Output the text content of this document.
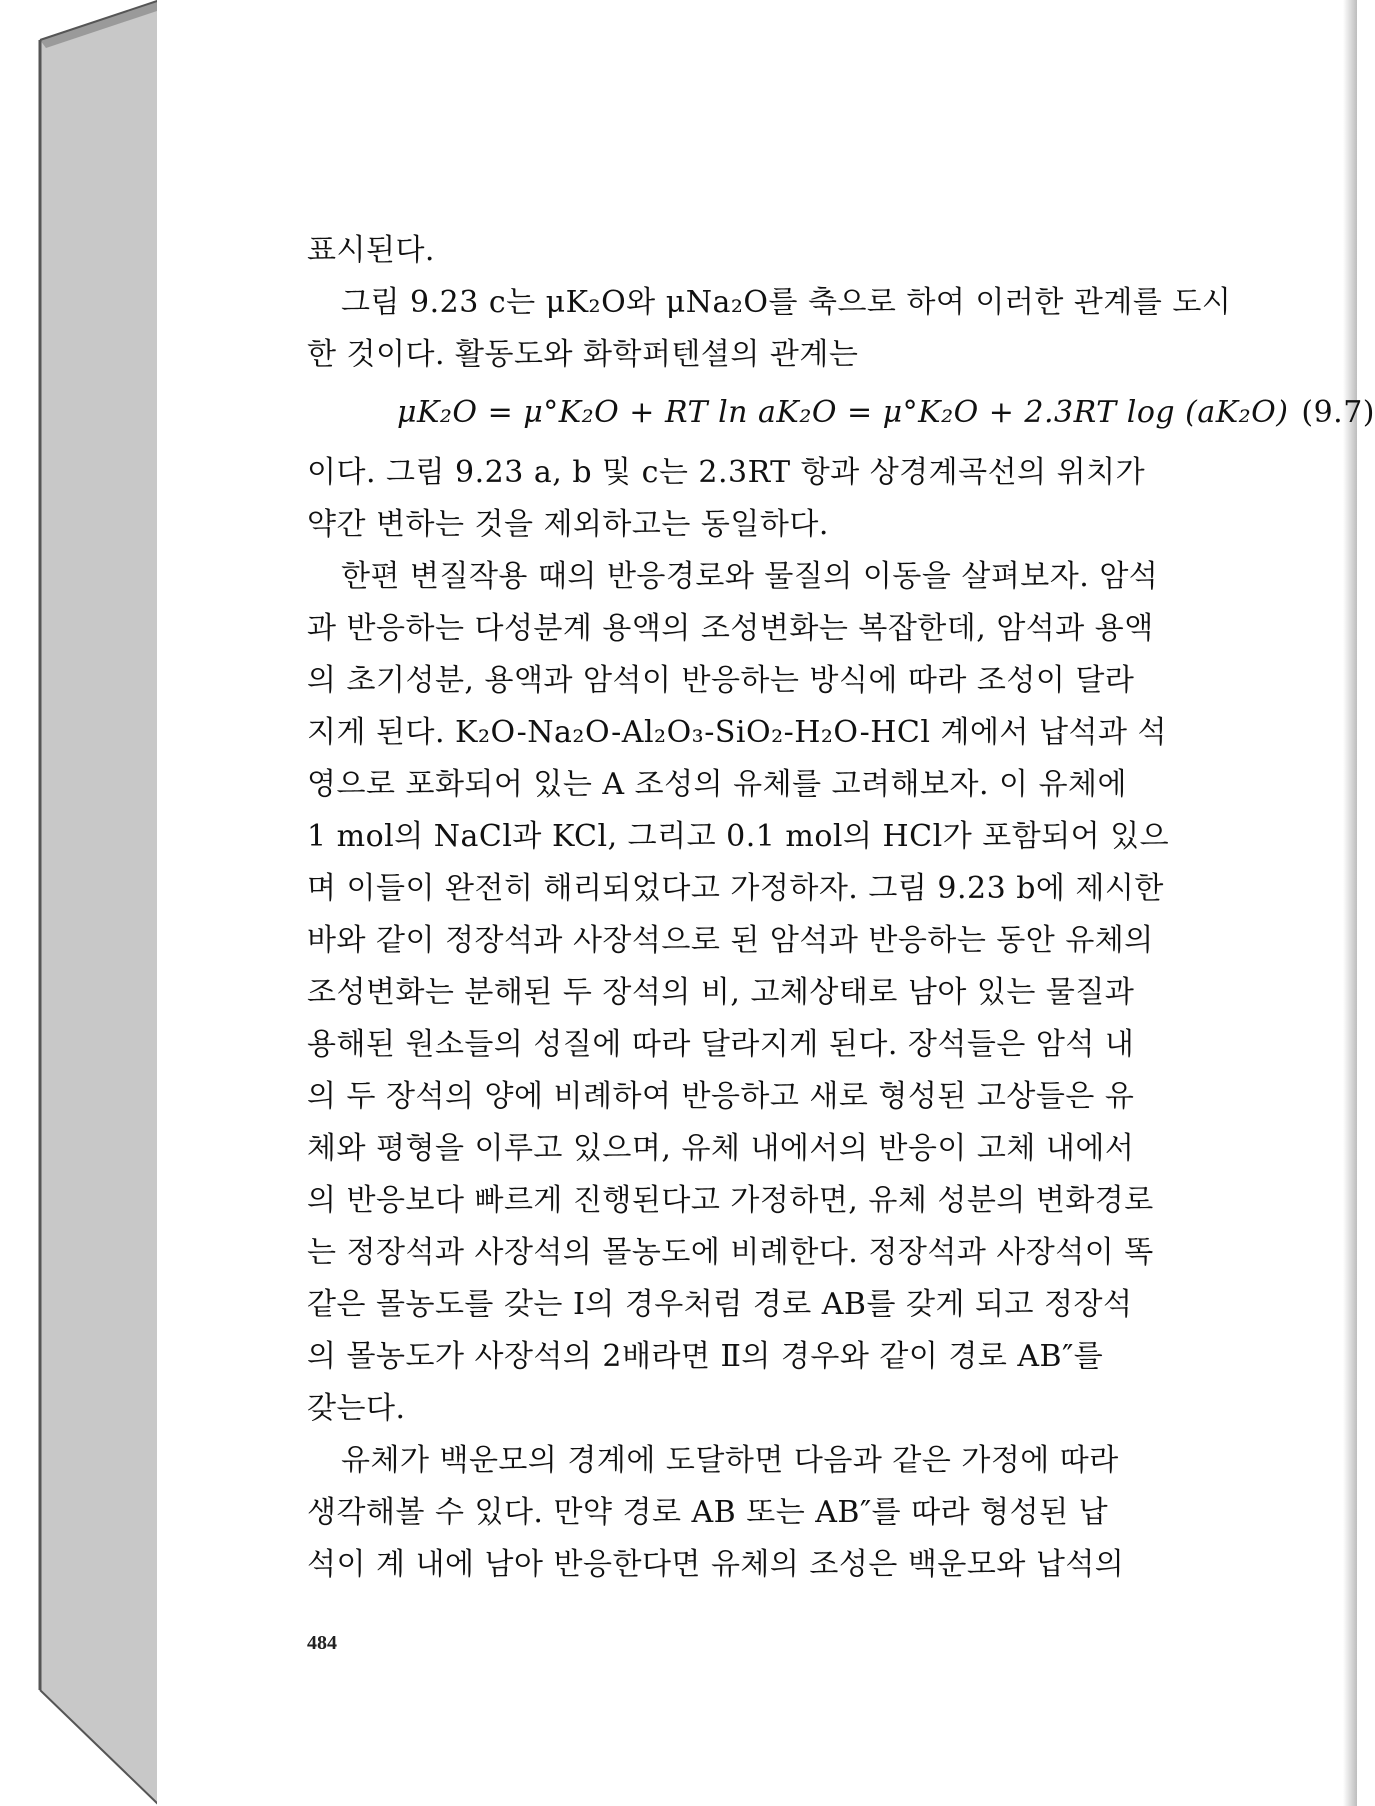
표시된다.
그림 9.23 c는 μK₂O와 μNa₂O를 축으로 하여 이러한 관계를 도시
한 것이다. 활동도와 화학퍼텐셜의 관계는
μK₂O = μ°K₂O + RT ln aK₂O = μ°K₂O + 2.3RT log (aK₂O) (9.7)
이다. 그림 9.23 a, b 및 c는 2.3RT 항과 상경계곡선의 위치가
약간 변하는 것을 제외하고는 동일하다.
한편 변질작용 때의 반응경로와 물질의 이동을 살펴보자. 암석
과 반응하는 다성분계 용액의 조성변화는 복잡한데, 암석과 용액
의 초기성분, 용액과 암석이 반응하는 방식에 따라 조성이 달라
지게 된다. K₂O-Na₂O-Al₂O₃-SiO₂-H₂O-HCl 계에서 납석과 석
영으로 포화되어 있는 A 조성의 유체를 고려해보자. 이 유체에
1 mol의 NaCl과 KCl, 그리고 0.1 mol의 HCl가 포함되어 있으
며 이들이 완전히 해리되었다고 가정하자. 그림 9.23 b에 제시한
바와 같이 정장석과 사장석으로 된 암석과 반응하는 동안 유체의
조성변화는 분해된 두 장석의 비, 고체상태로 남아 있는 물질과
용해된 원소들의 성질에 따라 달라지게 된다. 장석들은 암석 내
의 두 장석의 양에 비례하여 반응하고 새로 형성된 고상들은 유
체와 평형을 이루고 있으며, 유체 내에서의 반응이 고체 내에서
의 반응보다 빠르게 진행된다고 가정하면, 유체 성분의 변화경로
는 정장석과 사장석의 몰농도에 비례한다. 정장석과 사장석이 똑
같은 몰농도를 갖는 I의 경우처럼 경로 AB를 갖게 되고 정장석
의 몰농도가 사장석의 2배라면 Ⅱ의 경우와 같이 경로 AB″를
갖는다.
유체가 백운모의 경계에 도달하면 다음과 같은 가정에 따라
생각해볼 수 있다. 만약 경로 AB 또는 AB″를 따라 형성된 납
석이 계 내에 남아 반응한다면 유체의 조성은 백운모와 납석의
484
